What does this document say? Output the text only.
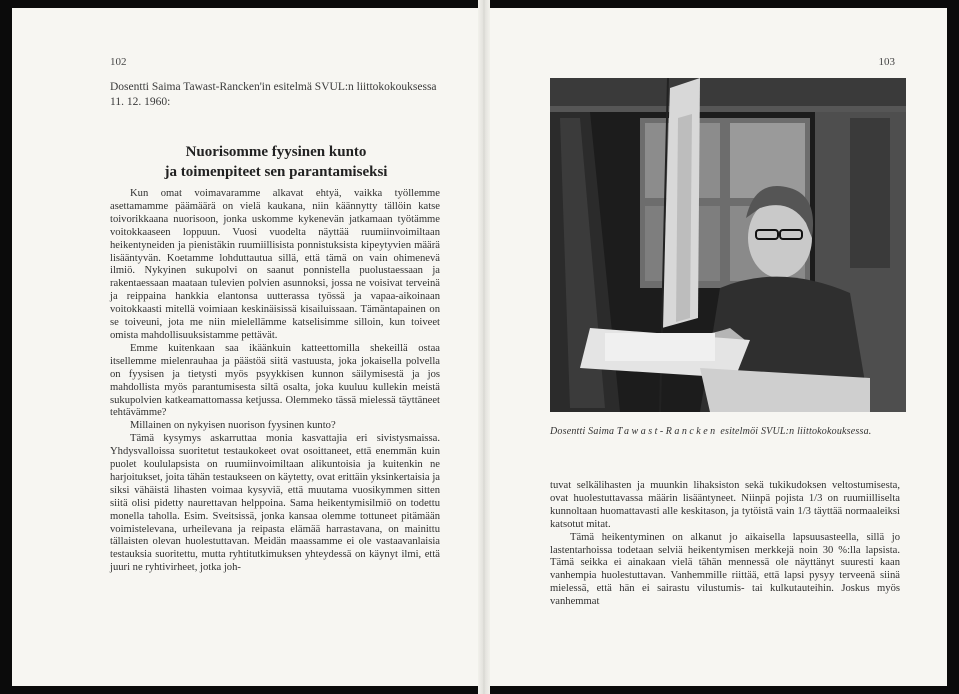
102
Dosentti Saima Tawast-Rancken'in esitelmä SVUL:n liittokokouksessa 11. 12. 1960:
Nuorisomme fyysinen kunto
ja toimenpiteet sen parantamiseksi

Kun omat voimavaramme alkavat ehtyä, vaikka työllemme asettamamme päämäärä on vielä kaukana, niin käännytty tällöin katse toivorikkaana nuorisoon, jonka uskomme kykenevän jatkamaan työtämme voitokkaaseen loppuun. Vuosi vuodelta näyttää ruumiinvoimiltaan heikentyneiden ja pienistäkin ruumiillisista ponnistuksista kipeytyvien määrä lisääntyvän. Koetamme lohduttautua sillä, että tämä on vain ohimenevä ilmiö. Nykyinen sukupolvi on saanut ponnistella puolustaessaan ja rakentaessaan maataan tulevien polvien asunnoksi, jossa ne voisivat terveinä ja reippaina hankkia elantonsa uutterassa työssä ja vapaa-aikoinaan voitokkaasti mitellä voimiaan keskinäisissä kisailuissaan. Tämäntapainen on se toiveuni, jota me niin mielellämme katselisimme silloin, kun toiveet omista mahdollisuuksistamme pettävät.

Emme kuitenkaan saa ikäänkuin katteettomilla shekeillä ostaa itsellemme mielenrauhaa ja päästöä siitä vastuusta, joka jokaisella polvella on fyysisen ja tietysti myös psyykkisen kunnon säilymisestä ja jos mahdollista myös parantumisesta siltä osalta, joka kuuluu kullekin meistä sukupolvien katkeamattomassa ketjussa. Olemmeko tässä mielessä täyttäneet tehtävämme?

Millainen on nykyisen nuorison fyysinen kunto?

Tämä kysymys askarruttaa monia kasvattajia eri sivistysmaissa. Yhdysvalloissa suoritetut testaukokeet ovat osoittaneet, että enemmän kuin puolet koululapsista on ruumiinvoimiltaan alikuntoisia ja kuitenkin ne harjoitukset, joita tähän testaukseen on käytetty, ovat erittäin yksinkertaisia ja siksi vähäistä lihasten voimaa kysyviä, että muutama vuosikymmen sitten siitä olisi pidetty naurettavan helppoina. Sama heikentymisilmiö on todettu monella taholla. Esim. Sveitsissä, jonka kansaa olemme tottuneet pitämään voimistelevana, urheilevana ja reipasta elämää harrastavana, on mainittu tällaisten olevan huolestuttavan. Meidän maassamme ei ole vastaavanlaisia testauksia suoritettu, mutta ryhtitutkimuksen yhteydessä on käynyt ilmi, että juuri ne ryhtivirheet, jotka joh-

103
Dosentti Saima Tawast-Rancken esitelmöi SVUL:n liittokokouksessa.

tuvat selkälihasten ja muunkin lihaksiston sekä tukikudoksen veltostumisesta, ovat huolestuttavassa määrin lisääntyneet. Niinpä pojista 1/3 on ruumiilliselta kunnoltaan huomattavasti alle keskitason, ja tytöistä vain 1/3 täyttää normaaleiksi katsotut mitat.

Tämä heikentyminen on alkanut jo aikaisella lapsuusasteella, sillä jo lastentarhoissa todetaan selviä heikentymisen merkkejä noin 30 %:lla lapsista. Tämä seikka ei ainakaan vielä tähän mennessä ole näyttänyt suuresti kaan vanhempia huolestuttavan. Vanhemmille riittää, että lapsi pysyy terveenä siinä mielessä, että hän ei sairastu vilustumis- tai kulkutauteihin. Joskus myös vanhemmat
